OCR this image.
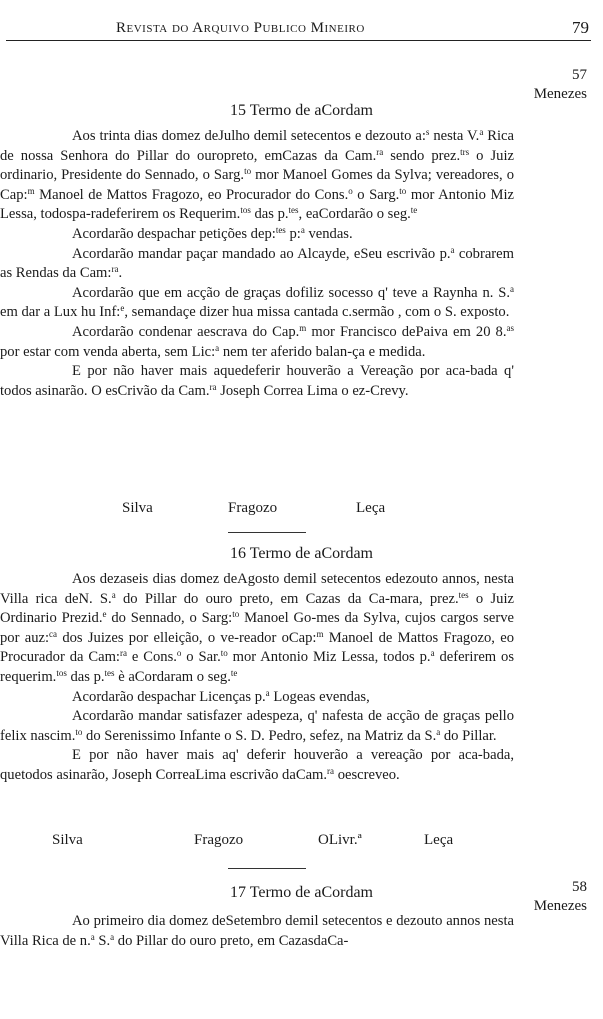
Revista do Arquivo Publico Mineiro	79
57
Menezes
15 Termo de aCordam

Aos trinta dias domez deJulho demil setecentos e dezouto a:$^s$ nesta V.$^a$ Rica de nossa Senhora do Pillar do ouropreto, emCazas da Cam.$^{ra}$ sendo prez.$^{trs}$ o Juiz ordinario, Presidente do Sennado, o Sarg.$^{to}$ mor Manoel Gomes da Sylva; vereadores, o Cap:$^m$ Manoel de Mattos Fragozo, eo Procurador do Cons.$^o$ o Sarg.$^{to}$ mor Antonio Miz Lessa, todospa-radeferirem os Requerim.$^{tos}$ das p.$^{tes}$, eaCordarão o seg.$^{te}$

Acordarão despachar petições dep:$^{tes}$ p:$^a$ vendas.

Acordarão mandar paçar mandado ao Alcayde, eSeu escrivão p.$^a$ cobrarem as Rendas da Cam:$^{ra}$.

Acordarão que em acção de graças dofiliz socesso q' teve a Raynha n. S.$^a$ em dar a Lux hu Inf:$^e$, semandaçe dizer hua missa cantada c.sermão , com o S. exposto.

Acordarão condenar aescrava do Cap.$^m$ mor Francisco dePaiva em 20 8.$^{as}$ por estar com venda aberta, sem Lic:$^a$ nem ter aferido balan-ça e medida.

E por não haver mais aquedeferir houverão a Vereação por aca-bada q' todos asinarão. O esCrivão da Cam.$^{ra}$ Joseph Correa Lima o ez-Crevy.

Silva	Fragozo	Leça
16 Termo de aCordam

Aos dezaseis dias domez deAgosto demil setecentos edezouto annos, nesta Villa rica deN. S.$^a$ do Pillar do ouro preto, em Cazas da Ca-mara, prez.$^{tes}$ o Juiz Ordinario Prezid.$^e$ do Sennado, o Sarg:$^{to}$ Manoel Go-mes da Sylva, cujos cargos serve por auz:$^{ca}$ dos Juizes por elleição, o ve-reador oCap:$^m$ Manoel de Mattos Fragozo, eo Procurador da Cam:$^{ra}$ e Cons.$^o$ o Sar.$^{to}$ mor Antonio Miz Lessa, todos p.$^a$ deferirem os requerim.$^{tos}$ das p.$^{tes}$ è aCordaram o seg.$^{te}$

Acordarão despachar Licenças p.$^a$ Logeas evendas,

Acordarão mandar satisfazer adespeza, q' nafesta de acção de graças pello felix nascim.$^{to}$ do Serenissimo Infante o S. D. Pedro, sefez, na Matriz da S.$^a$ do Pillar.

E por não haver mais aq' deferir houverão a vereação por aca-bada, quetodos asinarão, Joseph CorreaLima escrivão daCam.$^{ra}$ oescreveo.

Silva	Fragozo	OLivr.ª	Leça
58
Menezes
17 Termo de aCordam

Ao primeiro dia domez deSetembro demil setecentos e dezouto annos nesta Villa Rica de n.$^a$ S.$^a$ do Pillar do ouro preto, em CazasdaCa-
